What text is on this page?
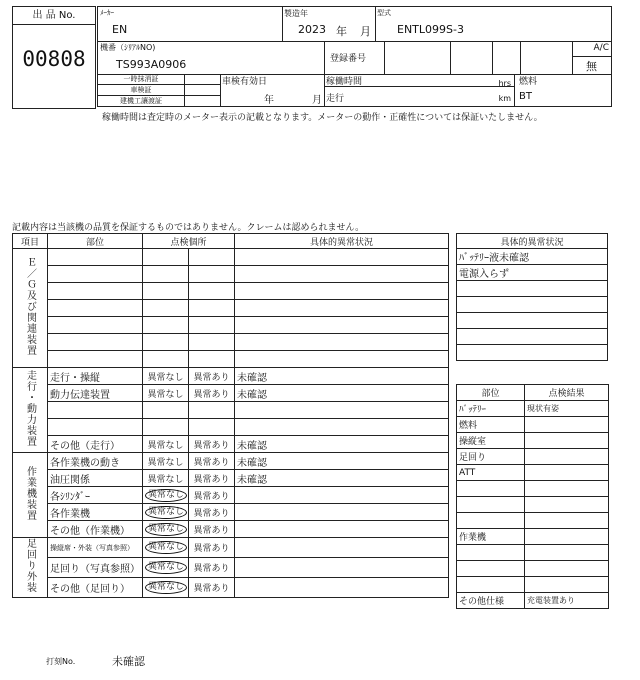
出 品 No.
00808
ﾒｰｶｰ
EN
製造年
2023 年 月
型式
ENTL099S-3
機番（ｼﾘｱﾙNO)
TS993A0906	登録番号
A/C
無
一時抹消証
車検証
建機工讓渡証
車検有効日
年	月
稼働時間	hrs
走行	km
燃料
BT
稼働時間は査定時のメーター表示の記載となります。メーターの動作・正確性については保証いたしません。
記載内容は当該機の品質を保証するものではありません。クレームは認められません。
項目	部位	点検個所		具体的異常状況
Ｅ／Ｇ及び関連装置				

走行・動力装置	走行・操縦	異常なし	異常あり	未確認
	動力伝達装置	異常なし	異常あり	未確認

	その他（走行）	異常なし	異常あり	未確認
作業機装置	各作業機の動き	異常なし	異常あり	未確認
	油圧関係	異常なし	異常あり	未確認
	各ｼﾘﾝﾀﾞｰ	異常なし	異常あり	
	各作業機	異常なし	異常あり	
	その他（作業機）	異常なし	異常あり	
足回り外装	操縦席・外装（写真参照）	異常なし	異常あり	
	足回り（写真参照）	異常なし	異常あり	
	その他（足回り）	異常なし	異常あり	
具体的異常状況
ﾊﾞｯﾃﾘｰ液未確認
電源入らず

部位	点検結果
ﾊﾞｯﾃﾘｰ	現状有姿
燃料	
操縦室	
足回り	
ATT	

作業機	

その他仕様	充電装置あり
打刻No.	未確認
